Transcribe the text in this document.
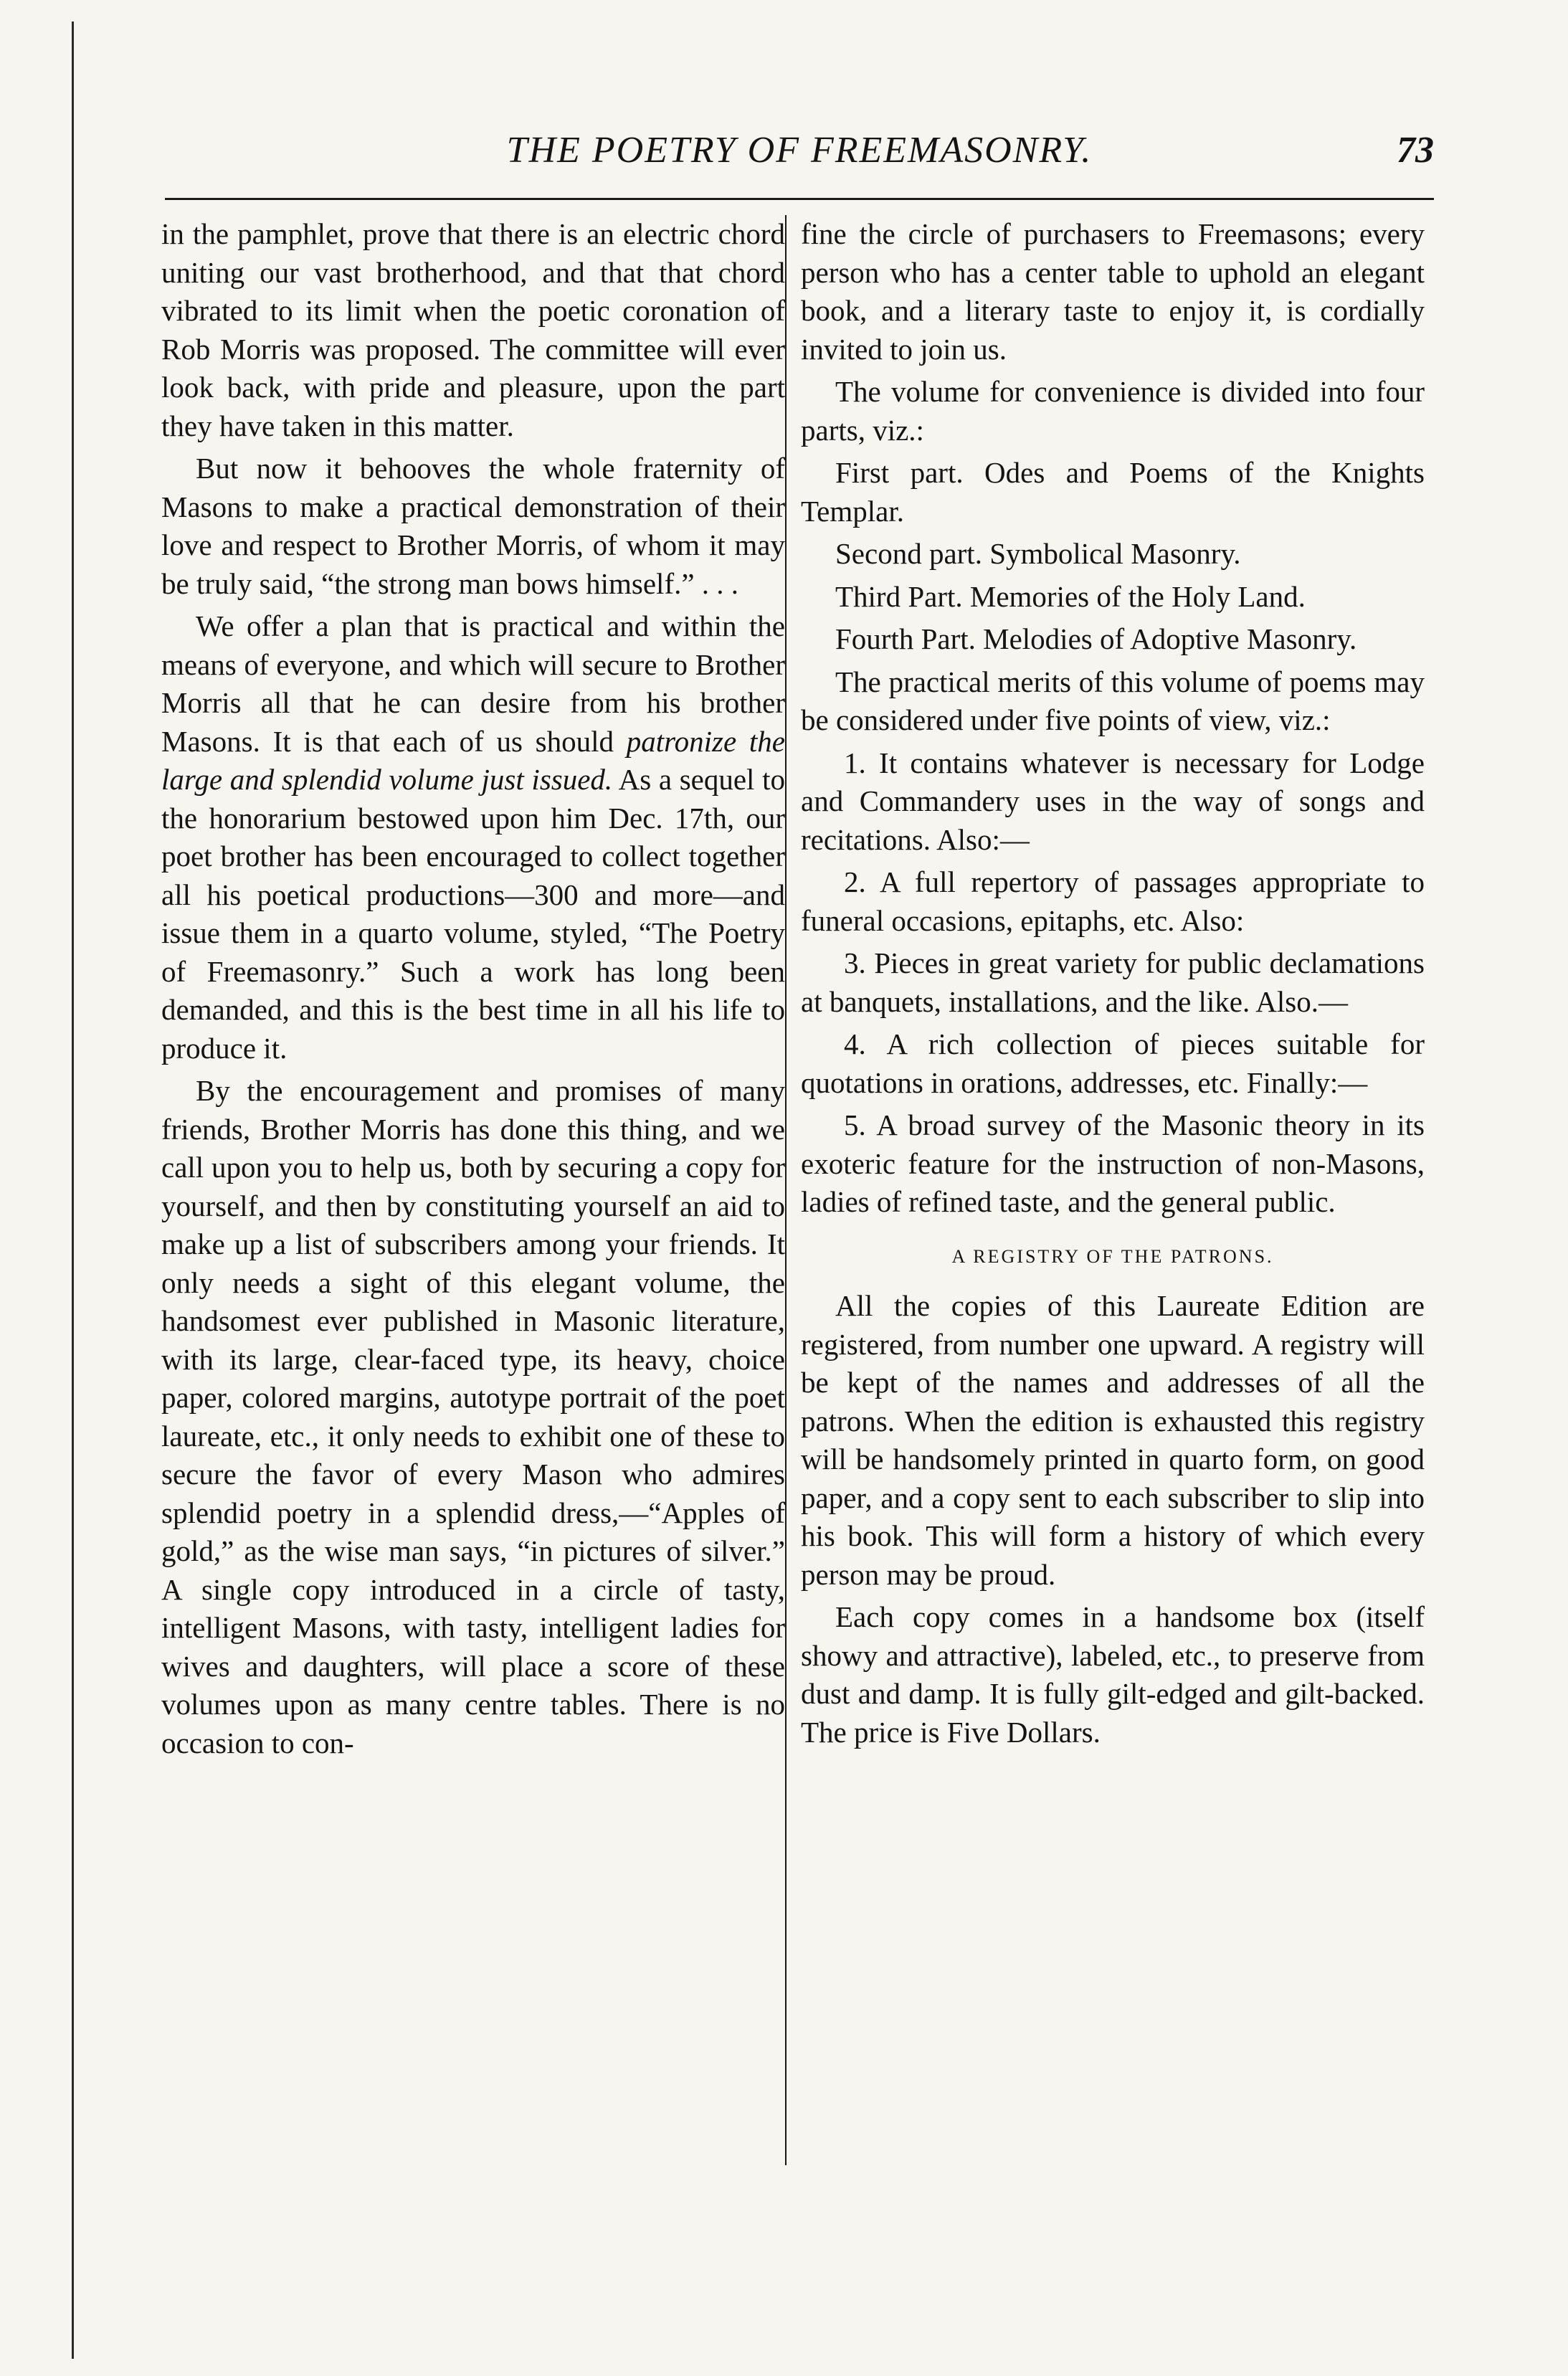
THE POETRY OF FREEMASONRY.	73

in the pamphlet, prove that there is an electric chord uniting our vast brotherhood, and that that chord vibrated to its limit when the poetic coronation of Rob Morris was proposed. The committee will ever look back, with pride and pleasure, upon the part they have taken in this matter.

But now it behooves the whole fraternity of Masons to make a practical demonstration of their love and respect to Brother Morris, of whom it may be truly said, “the strong man bows himself.” . . .

We offer a plan that is practical and within the means of everyone, and which will secure to Brother Morris all that he can desire from his brother Masons. It is that each of us should patronize the large and splendid volume just issued. As a sequel to the honorarium bestowed upon him Dec. 17th, our poet brother has been encouraged to collect together all his poetical productions—300 and more—and issue them in a quarto volume, styled, “The Poetry of Freemasonry.” Such a work has long been demanded, and this is the best time in all his life to produce it.

By the encouragement and promises of many friends, Brother Morris has done this thing, and we call upon you to help us, both by securing a copy for yourself, and then by constituting yourself an aid to make up a list of subscribers among your friends. It only needs a sight of this elegant volume, the handsomest ever published in Masonic literature, with its large, clear-faced type, its heavy, choice paper, colored margins, autotype portrait of the poet laureate, etc., it only needs to exhibit one of these to secure the favor of every Mason who admires splendid poetry in a splendid dress,—“Apples of gold,” as the wise man says, “in pictures of silver.” A single copy introduced in a circle of tasty, intelligent Masons, with tasty, intelligent ladies for wives and daughters, will place a score of these volumes upon as many centre tables. There is no occasion to con-

fine the circle of purchasers to Freemasons; every person who has a center table to uphold an elegant book, and a literary taste to enjoy it, is cordially invited to join us.

The volume for convenience is divided into four parts, viz.:

First part. Odes and Poems of the Knights Templar.

Second part. Symbolical Masonry.

Third Part. Memories of the Holy Land.

Fourth Part. Melodies of Adoptive Masonry.

The practical merits of this volume of poems may be considered under five points of view, viz.:

1. It contains whatever is necessary for Lodge and Commandery uses in the way of songs and recitations. Also:—

2. A full repertory of passages appropriate to funeral occasions, epitaphs, etc. Also:

3. Pieces in great variety for public declamations at banquets, installations, and the like. Also.—

4. A rich collection of pieces suitable for quotations in orations, addresses, etc. Finally:—

5. A broad survey of the Masonic theory in its exoteric feature for the instruction of non-Masons, ladies of refined taste, and the general public.

A REGISTRY OF THE PATRONS.

All the copies of this Laureate Edition are registered, from number one upward. A registry will be kept of the names and addresses of all the patrons. When the edition is exhausted this registry will be handsomely printed in quarto form, on good paper, and a copy sent to each subscriber to slip into his book. This will form a history of which every person may be proud.

Each copy comes in a handsome box (itself showy and attractive), labeled, etc., to preserve from dust and damp. It is fully gilt-edged and gilt-backed. The price is Five Dollars.
